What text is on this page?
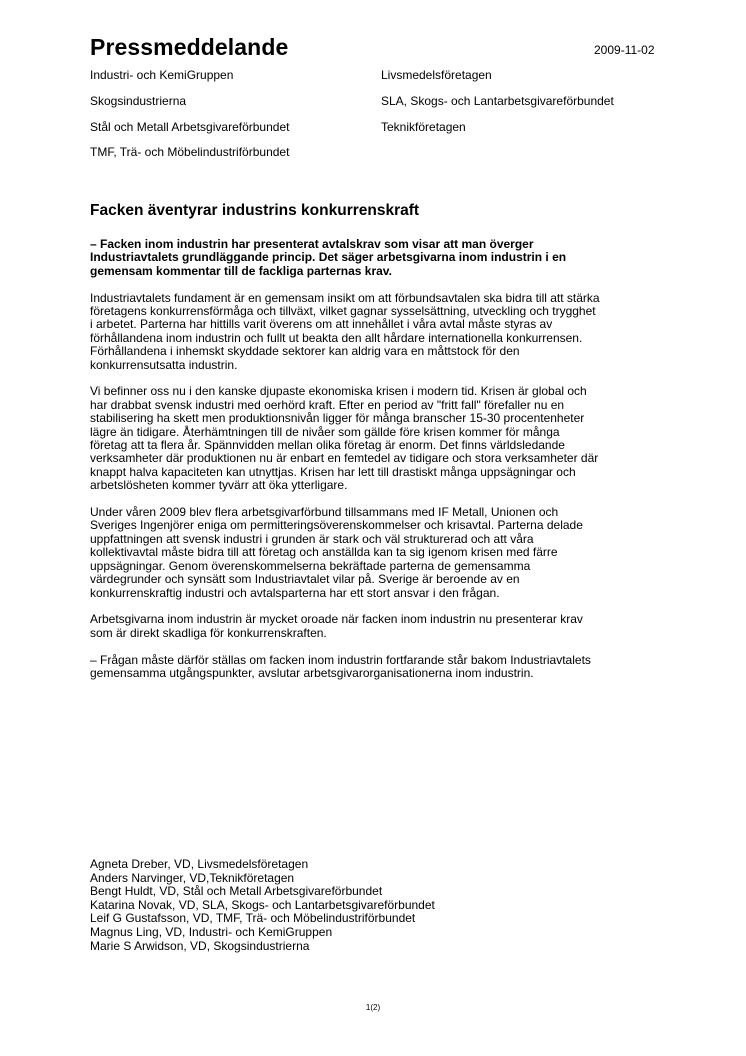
Pressmeddelande	2009-11-02
Industri- och KemiGruppen
Skogsindustrierna
Stål och Metall Arbetsgivareförbundet
TMF, Trä- och Möbelindustriförbundet
Livsmedelsföretagen
SLA, Skogs- och Lantarbetsgivareförbundet
Teknikföretagen
Facken äventyrar industrins konkurrenskraft

– Facken inom industrin har presenterat avtalskrav som visar att man överger Industriavtalets grundläggande princip. Det säger arbetsgivarna inom industrin i en gemensam kommentar till de fackliga parternas krav.

Industriavtalets fundament är en gemensam insikt om att förbundsavtalen ska bidra till att stärka företagens konkurrensförmåga och tillväxt, vilket gagnar sysselsättning, utveckling och trygghet i arbetet. Parterna har hittills varit överens om att innehållet i våra avtal måste styras av förhållandena inom industrin och fullt ut beakta den allt hårdare internationella konkurrensen. Förhållandena i inhemskt skyddade sektorer kan aldrig vara en måttstock för den konkurrensutsatta industrin.

Vi befinner oss nu i den kanske djupaste ekonomiska krisen i modern tid. Krisen är global och har drabbat svensk industri med oerhörd kraft. Efter en period av "fritt fall" förefaller nu en stabilisering ha skett men produktionsnivån ligger för många branscher 15-30 procentenheter lägre än tidigare. Återhämtningen till de nivåer som gällde före krisen kommer för många företag att ta flera år. Spännvidden mellan olika företag är enorm. Det finns världsledande verksamheter där produktionen nu är enbart en femtedel av tidigare och stora verksamheter där knappt halva kapaciteten kan utnyttjas. Krisen har lett till drastiskt många uppsägningar och arbetslösheten kommer tyvärr att öka ytterligare.

Under våren 2009 blev flera arbetsgivarförbund tillsammans med IF Metall, Unionen och Sveriges Ingenjörer eniga om permitteringsöverenskommelser och krisavtal. Parterna delade uppfattningen att svensk industri i grunden är stark och väl strukturerad och att våra kollektivavtal måste bidra till att företag och anställda kan ta sig igenom krisen med färre uppsägningar. Genom överenskommelserna bekräftade parterna de gemensamma värdegrunder och synsätt som Industriavtalet vilar på. Sverige är beroende av en konkurrenskraftig industri och avtalsparterna har ett stort ansvar i den frågan.

Arbetsgivarna inom industrin är mycket oroade när facken inom industrin nu presenterar krav som är direkt skadliga för konkurrenskraften.

– Frågan måste därför ställas om facken inom industrin fortfarande står bakom Industriavtalets gemensamma utgångspunkter, avslutar arbetsgivarorganisationerna inom industrin.

Agneta Dreber, VD, Livsmedelsföretagen
Anders Narvinger, VD,Teknikföretagen
Bengt Huldt, VD, Stål och Metall Arbetsgivareförbundet
Katarina Novak, VD, SLA, Skogs- och Lantarbetsgivareförbundet
Leif G Gustafsson, VD, TMF, Trä- och Möbelindustriförbundet
Magnus Ling, VD, Industri- och KemiGruppen
Marie S Arwidson, VD, Skogsindustrierna
1(2)
